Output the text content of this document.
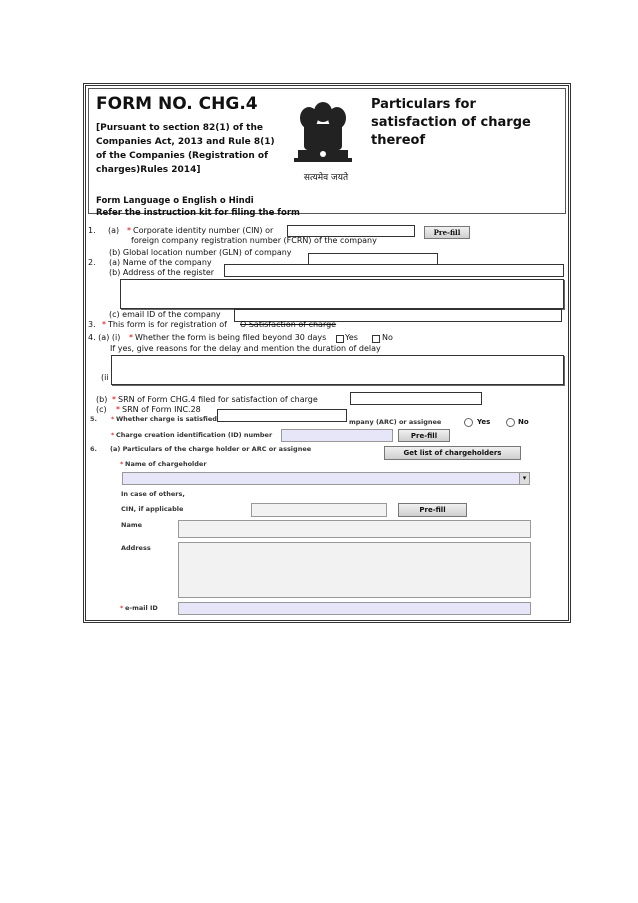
FORM NO. CHG.4
[Pursuant to section 82(1) of the Companies Act, 2013 and Rule 8(1) of the Companies (Registration of charges)Rules 2014]
Particulars for satisfaction of charge thereof
सत्यमेव जयते
Form Language o English o Hindi
Refer the instruction kit for filing the form
1. (a) * Corporate identity number (CIN) or	Pre-fill
foreign company registration number (FCRN) of the company
(b) Global location number (GLN) of company
2. (a) Name of the company
(b) Address of the register
(c) email ID of the company
3. * This form is for registration of O Satisfaction of charge
4. (a) (i) * Whether the form is being filed beyond 30 days Yes	No
If yes, give reasons for the delay and mention the duration of delay
(ii
(b) * SRN of Form CHG.4 filed for satisfaction of charge
(c) * SRN of Form INC.28
5. * Whether charge is satisfied	mpany (ARC) or assignee	Yes	No
* Charge creation identification (ID) number	Pre-fill
6. (a) Particulars of the charge holder or ARC or assignee	Get list of chargeholders
* Name of chargeholder
▾
In case of others,
CIN, if applicable	Pre-fill
Name
Address
* e-mail ID
